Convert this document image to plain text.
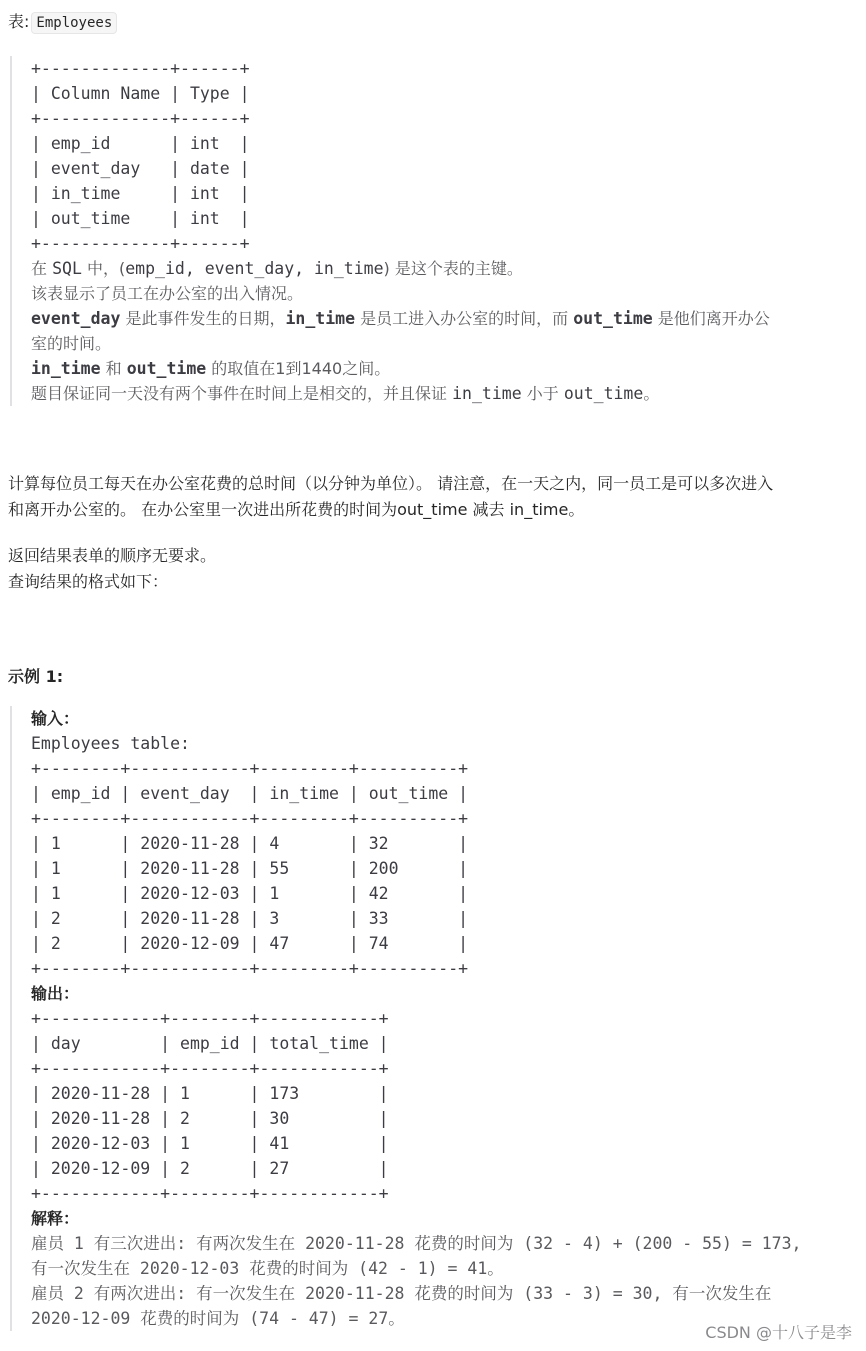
表: Employees
+-------------+------+
| Column Name | Type |
+-------------+------+
| emp_id      | int  |
| event_day   | date |
| in_time     | int  |
| out_time    | int  |
+-------------+------+
在 SQL 中，(emp_id, event_day, in_time) 是这个表的主键。
该表显示了员工在办公室的出入情况。
event_day 是此事件发生的日期，in_time 是员工进入办公室的时间，而 out_time 是他们离开办公
室的时间。
in_time 和 out_time 的取值在1到1440之间。
题目保证同一天没有两个事件在时间上是相交的，并且保证 in_time 小于 out_time。
计算每位员工每天在办公室花费的总时间（以分钟为单位）。 请注意，在一天之内，同一员工是可以多次进入
和离开办公室的。 在办公室里一次进出所花费的时间为out_time 减去 in_time。
返回结果表单的顺序无要求。
查询结果的格式如下：
示例 1:
输入：
Employees table:
+--------+------------+---------+----------+
| emp_id | event_day  | in_time | out_time |
+--------+------------+---------+----------+
| 1      | 2020-11-28 | 4       | 32       |
| 1      | 2020-11-28 | 55      | 200      |
| 1      | 2020-12-03 | 1       | 42       |
| 2      | 2020-11-28 | 3       | 33       |
| 2      | 2020-12-09 | 47      | 74       |
+--------+------------+---------+----------+
输出：
+------------+--------+------------+
| day        | emp_id | total_time |
+------------+--------+------------+
| 2020-11-28 | 1      | 173        |
| 2020-11-28 | 2      | 30         |
| 2020-12-03 | 1      | 41         |
| 2020-12-09 | 2      | 27         |
+------------+--------+------------+
解释：
雇员 1 有三次进出: 有两次发生在 2020-11-28 花费的时间为 (32 - 4) + (200 - 55) = 173,
有一次发生在 2020-12-03 花费的时间为 (42 - 1) = 41。
雇员 2 有两次进出: 有一次发生在 2020-11-28 花费的时间为 (33 - 3) = 30, 有一次发生在
2020-12-09 花费的时间为 (74 - 47) = 27。
CSDN @十八子是李
